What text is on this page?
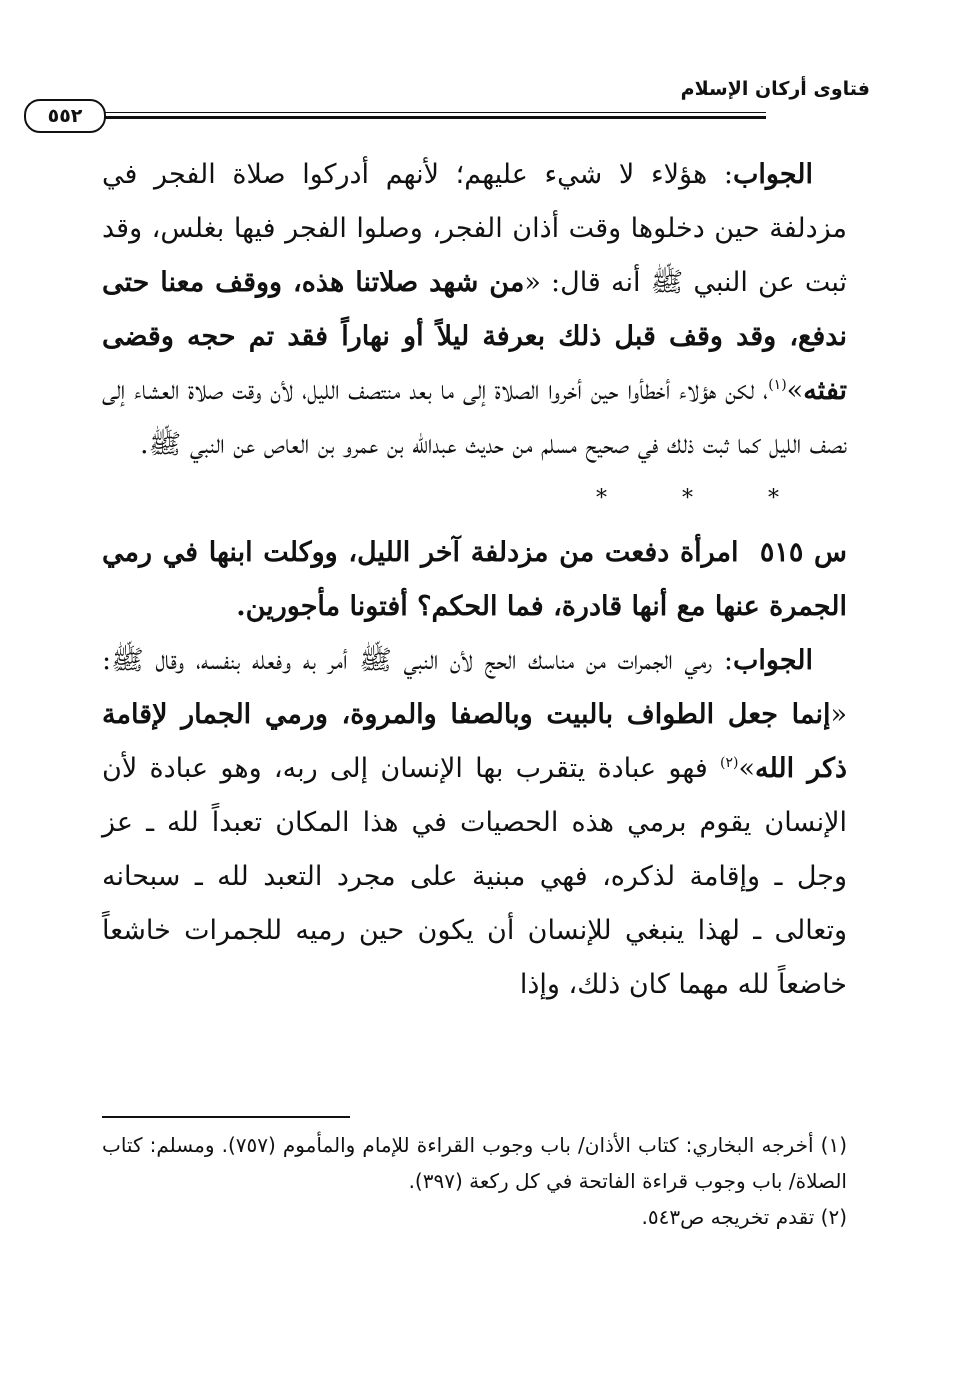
فتاوى أركان الإسلام
٥٥٢

الجواب: هؤلاء لا شيء عليهم؛ لأنهم أدركوا صلاة الفجر في مزدلفة حين دخلوها وقت أذان الفجر، وصلوا الفجر فيها بغلس، وقد ثبت عن النبي ﷺ أنه قال: «من شهد صلاتنا هذه، ووقف معنا حتى ندفع، وقد وقف قبل ذلك بعرفة ليلاً أو نهاراً فقد تم حجه وقضى تفثه»$^{(١)}$، لكن هؤلاء أخطأوا حين أخروا الصلاة إلى ما بعد منتصف الليل، لأن وقت صلاة العشاء إلى نصف الليل كما ثبت ذلك في صحيح مسلم من حديث عبدالله بن عمرو بن العاص عن النبي ﷺ.

* * *

س ٥١٥  امرأة دفعت من مزدلفة آخر الليل، ووكلت ابنها في رمي الجمرة عنها مع أنها قادرة، فما الحكم؟ أفتونا مأجورين.

الجواب: رمي الجمرات من مناسك الحج لأن النبي ﷺ أمر به وفعله بنفسه، وقال ﷺ: «إنما جعل الطواف بالبيت وبالصفا والمروة، ورمي الجمار لإقامة ذكر الله»$^{(٢)}$ فهو عبادة يتقرب بها الإنسان إلى ربه، وهو عبادة لأن الإنسان يقوم برمي هذه الحصيات في هذا المكان تعبداً لله ـ عز وجل ـ وإقامة لذكره، فهي مبنية على مجرد التعبد لله ـ سبحانه وتعالى ـ لهذا ينبغي للإنسان أن يكون حين رميه للجمرات خاشعاً خاضعاً لله مهما كان ذلك، وإذا

(١) أخرجه البخاري: كتاب الأذان/ باب وجوب القراءة للإمام والمأموم (٧٥٧). ومسلم: كتاب الصلاة/ باب وجوب قراءة الفاتحة في كل ركعة (٣٩٧).

(٢) تقدم تخريجه ص٥٤٣.
